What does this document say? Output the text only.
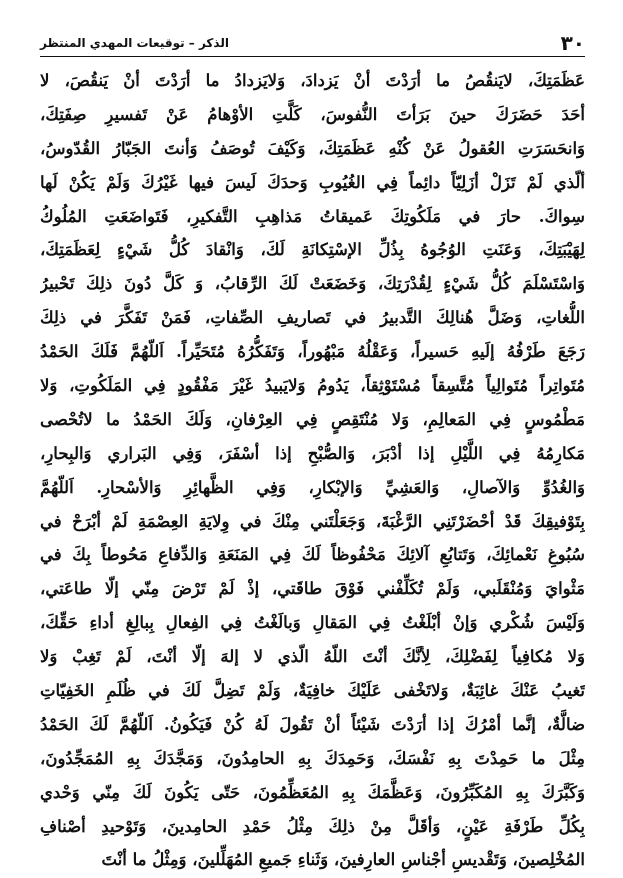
٣٠
الذكر – توقيعات المهدي المنتظر
عَظَمَتِكَ، لايَنقُصُ ما أرَدْتَ أنْ يَزدادَ، وَلايَزدادُ ما أرَدْتَ أنْ يَنقُصَ، لا
أحَدَ حَضَرَكَ حينَ بَرَأتَ النُّفوسَ، كَلَّتِ الأوْهامُ عَنْ تَفسيرِ صِفَتِكَ،
وَانحَسَرَتِ العُقولُ عَنْ كُنْهِ عَظَمَتِكَ، وَكَيْفَ تُوصَفُ وَأنتَ الجَبّارُ القُدّوسُ،
ألّذي لَمْ تَزَلْ أزَلِيّاً دائِماً فِي الغُيُوبِ وَحدَكَ لَيسَ فيها غَيْرُكَ وَلَمْ يَكُنْ لَها
سِواكَ. حارَ في مَلَكُوتِكَ عَميقاتُ مَذاهِبِ التَّفكيرِ، فَتَواضَعَتِ المُلُوكُ
لِهَيْبَتِكَ، وَعَنَتِ الوُجُوهُ بِذُلِّ الإسْتِكانَةِ لَكَ، وَانْقادَ كُلُّ شَيْءٍ لِعَظَمَتِكَ،
وَاسْتَسْلَمَ كُلُّ شَيْءٍ لِقُدْرَتِكَ، وَخَضَعَتْ لَكَ الرِّقابُ، وَ كَلَّ دُونَ ذلِكَ تَحْبيرُ
اللُّغاتِ، وَضَلَّ هُنالِكَ التَّدبيرُ في تَصاريفِ الصِّفاتِ، فَمَنْ تَفَكَّرَ في ذلِكَ
رَجَعَ طَرْفُهُ إلَيهِ حَسيراً، وَعَقْلُهُ مَبْهُوراً، وَتَفَكُّرُهُ مُتَحَيِّراً. اَللّهُمَّ فَلَكَ الحَمْدُ
مُتَواتِراً مُتَوالِياً مُتَّسِقاً مُسْتَوْثِقاً، يَدُومُ وَلايَبيدُ غَيْرَ مَفْقُودٍ فِي المَلَكُوتِ، وَلا
مَطْمُوسٍ فِي المَعالِمِ، وَلا مُنْتَقِصٍ فِي العِرْفانِ، وَلَكَ الحَمْدُ ما لاتُحْصى
مَكارِمُهُ فِي اللَّيْلِ إذا أدْبَرَ، وَالصُّبْحِ إذا أسْفَرَ، وَفِي البَراري وَالبِحارِ،
وَالغُدُوِّ وَالآصالِ، وَالعَشِيِّ وَالإبْكارِ، وَفِي الظَّهائِرِ وَالأسْحارِ. اَللّهُمَّ
بِتَوْفيقِكَ قَدْ أحْضَرْتَنِي الرَّغْبَةَ، وَجَعَلْتَني مِنْكَ في وِلايَةِ العِصْمَةِ لَمْ أبْرَحْ في
سُبُوغِ نَعْمائِكَ، وَتَتابُعِ آلائِكَ مَحْفُوظاً لَكَ فِي المَنَعَةِ وَالدِّفاعِ مَحُوطاً بِكَ في
مَثْوايَ وَمُنْقَلَبي، وَلَمْ تُكَلِّفْني فَوْقَ طاقَتي، إذْ لَمْ تَرْضَ مِنّي إلّا طاعَتي،
وَلَيْسَ شُكْري وَإنْ أبْلَغْتُ فِي المَقالِ وَبالَغْتُ فِي الفِعالِ بِبالِغِ أداءِ حَقِّكَ،
وَلا مُكافِياً لِفَضْلِكَ، لِأنَّكَ أنْتَ اللّهُ الّذي لا إلهَ إلّا أنْتَ، لَمْ تَغِبْ وَلا
تَغيبُ عَنْكَ غائِبَةٌ، وَلاتَخْفى عَلَيْكَ خافِيَةٌ، وَلَمْ تَضِلَّ لَكَ في ظُلَمِ الخَفِيّاتِ
ضالَّةٌ، إنَّما أمْرُكَ إذا أرَدْتَ شَيْئاً أنْ تَقُولَ لَهُ كُنْ فَيَكُونُ. اَللّهُمَّ لَكَ الحَمْدُ
مِثْلَ ما حَمِدْتَ بِهِ نَفْسَكَ، وَحَمِدَكَ بِهِ الحامِدُونَ، وَمَجَّدَكَ بِهِ المُمَجِّدُونَ،
وَكَبَّرَكَ بِهِ المُكَبِّرُونَ، وَعَظَّمَكَ بِهِ المُعَظِّمُونَ، حَتّى يَكُونَ لَكَ مِنّي وَحْدي
بِكُلِّ طَرْفَةِ عَيْنٍ، وَأقَلَّ مِنْ ذلِكَ مِثْلُ حَمْدِ الحامِدينَ، وَتَوْحيدِ أصْنافِ
المُخْلِصينَ، وَتَقْديسِ أجْناسِ العارِفينَ، وَثَناءِ جَميعِ المُهَلِّلينَ، وَمِثْلُ ما أنْتَ
